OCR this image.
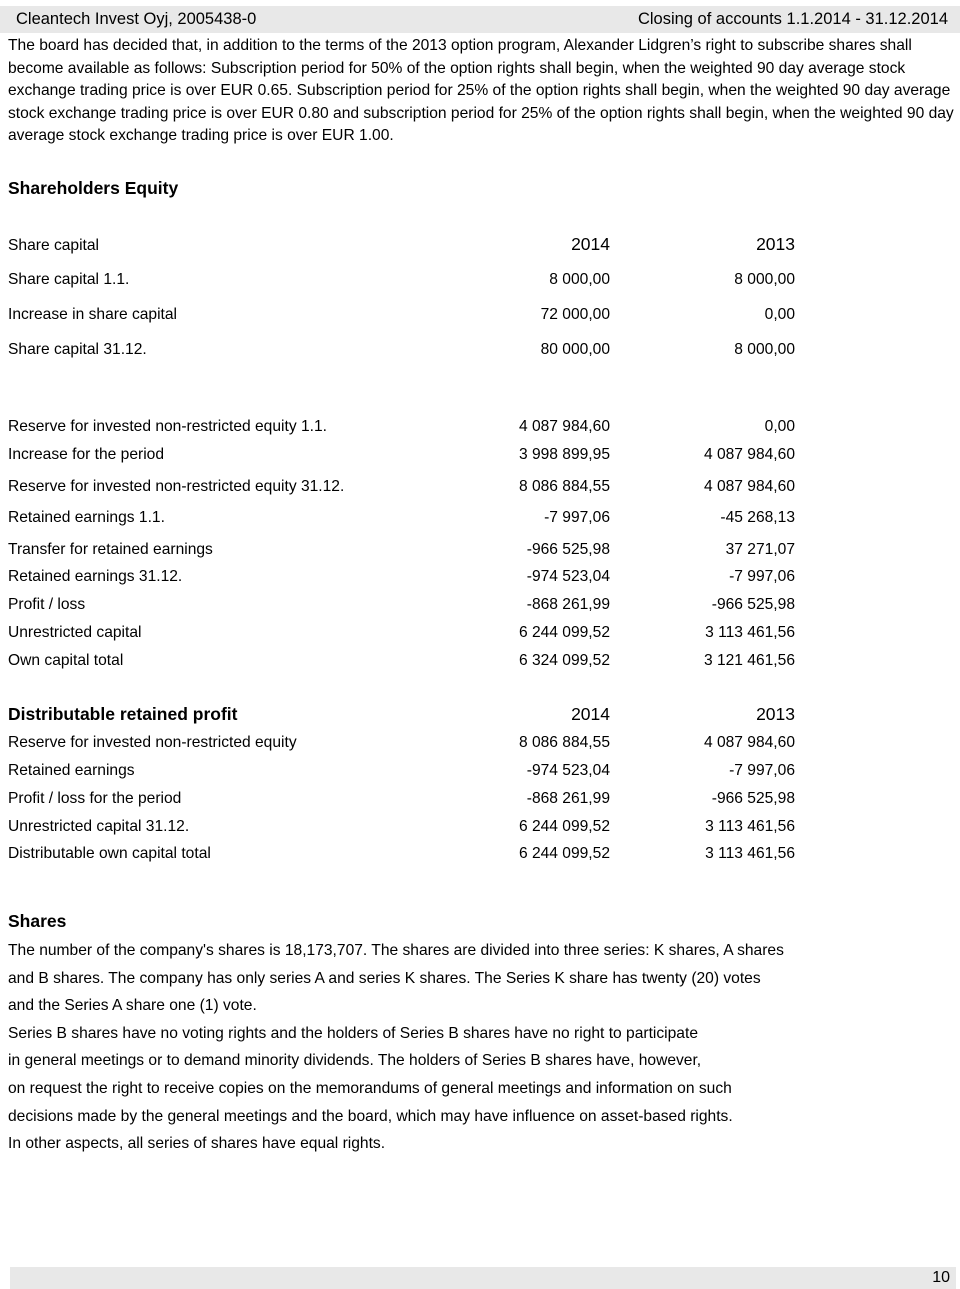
Cleantech Invest Oyj, 2005438-0	Closing of accounts 1.1.2014 - 31.12.2014

The board has decided that, in addition to the terms of the 2013 option program, Alexander Lidgren’s right to subscribe shares shall become available as follows: Subscription period for 50% of the option rights shall begin, when the weighted 90 day average stock exchange trading price is over EUR 0.65. Subscription period for 25% of the option rights shall begin, when the weighted 90 day average stock exchange trading price is over EUR 0.80 and subscription period for 25% of the option rights shall begin, when the weighted 90 day average stock exchange trading price is over EUR 1.00.

Shareholders Equity
Share capital	2014	2013
Share capital 1.1.	8 000,00	8 000,00
Increase in share capital	72 000,00	0,00
Share capital 31.12.	80 000,00	8 000,00
Reserve for invested non-restricted equity 1.1.	4 087 984,60	0,00
Increase for the period	3 998 899,95	4 087 984,60
Reserve for invested non-restricted equity 31.12.	8 086 884,55	4 087 984,60
Retained earnings 1.1.	-7 997,06	-45 268,13
Transfer for retained earnings	-966 525,98	37 271,07
Retained earnings 31.12.	-974 523,04	-7 997,06
Profit / loss	-868 261,99	-966 525,98
Unrestricted capital	6 244 099,52	3 113 461,56
Own capital total	6 324 099,52	3 121 461,56
Distributable retained profit	2014	2013
Reserve for invested non-restricted equity	8 086 884,55	4 087 984,60
Retained earnings	-974 523,04	-7 997,06
Profit / loss for the period	-868 261,99	-966 525,98
Unrestricted capital 31.12.	6 244 099,52	3 113 461,56
Distributable own capital total	6 244 099,52	3 113 461,56
Shares

The number of the company's shares is 18,173,707. The shares are divided into three series: K shares, A shares

and B shares. The company has only series A and series K shares. The Series K share has twenty (20) votes

and the Series A share one (1) vote.

Series B shares have no voting rights and the holders of Series B shares have no right to participate

in general meetings or to demand minority dividends. The holders of Series B shares have, however,

on request the right to receive copies on the memorandums of general meetings and information on such

decisions made by the general meetings and the board, which may have influence on asset-based rights.

In other aspects, all series of shares have equal rights.

10
